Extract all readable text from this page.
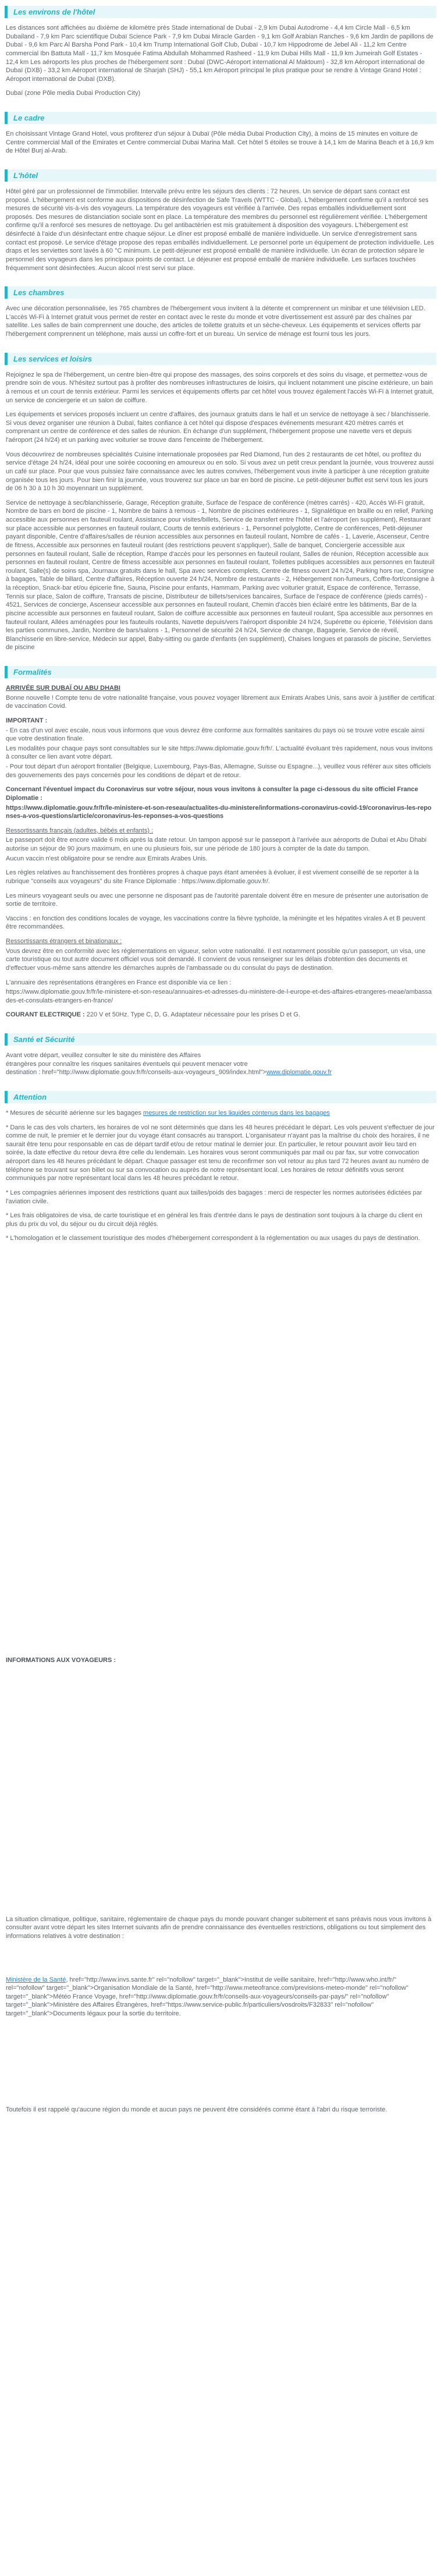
Les environs de l'hôtel

Les distances sont affichées au dixième de kilomètre près Stade international de Dubaï - 2,9 km Dubai Autodrome - 4,4 km Circle Mall - 6,5 km Dubailand - 7,9 km Parc scientifique Dubaï Science Park - 7,9 km Dubai Miracle Garden - 9,1 km Golf Arabian Ranches - 9,6 km Jardin de papillons de Dubaï - 9,6 km Parc Al Barsha Pond Park - 10,4 km Trump International Golf Club, Dubaï - 10,7 km Hippodrome de Jebel Ali - 11,2 km Centre commercial Ibn Battuta Mall - 11,7 km Mosquée Fatima Abdullah Mohammed Rasheed - 11,9 km Dubai Hills Mall - 11,9 km Jumeirah Golf Estates - 12,4 km Les aéroports les plus proches de l'hébergement sont : Dubaï (DWC-Aéroport international Al Maktoum) - 32,8 km Aéroport international de Dubaï (DXB) - 33,2 km Aéroport international de Sharjah (SHJ) - 55,1 km Aéroport principal le plus pratique pour se rendre à Vintage Grand Hotel : Aéroport international de Dubaï (DXB).

Dubaï (zone Pôle media Dubai Production City)

Le cadre

En choisissant Vintage Grand Hotel, vous profiterez d'un séjour à Dubaï (Pôle média Dubai Production City), à moins de 15 minutes en voiture de Centre commercial Mall of the Emirates et Centre commercial Dubai Marina Mall. Cet hôtel 5 étoiles se trouve à 14,1 km de Marina Beach et à 16,9 km de Hôtel Burj al-Arab.

L'hôtel

Hôtel géré par un professionnel de l'immobilier. Intervalle prévu entre les séjours des clients : 72 heures. Un service de départ sans contact est proposé. L'hébergement est conforme aux dispositions de désinfection de Safe Travels (WTTC - Global). L'hébergement confirme qu'il a renforcé ses mesures de sécurité vis-à-vis des voyageurs. La température des voyageurs est vérifiée à l'arrivée. Des repas emballés individuellement sont proposés. Des mesures de distanciation sociale sont en place. La température des membres du personnel est régulièrement vérifiée. L'hébergement confirme qu'il a renforcé ses mesures de nettoyage. Du gel antibactérien est mis gratuitement à disposition des voyageurs. L'hébergement est désinfecté à l'aide d'un désinfectant entre chaque séjour. Le dîner est proposé emballé de manière individuelle. Un service d'enregistrement sans contact est proposé. Le service d'étage propose des repas emballés individuellement. Le personnel porte un équipement de protection individuelle. Les draps et les serviettes sont lavés à 60 °C minimum. Le petit-déjeuner est proposé emballé de manière individuelle. Un écran de protection sépare le personnel des voyageurs dans les principaux points de contact. Le déjeuner est proposé emballé de manière individuelle. Les surfaces touchées fréquemment sont désinfectées. Aucun alcool n'est servi sur place.

Les chambres

Avec une décoration personnalisée, les 765 chambres de l'hébergement vous invitent à la détente et comprennent un minibar et une télévision LED. L'accès Wi-Fi à Internet gratuit vous permet de rester en contact avec le reste du monde et votre divertissement est assuré par des chaînes par satellite. Les salles de bain comprennent une douche, des articles de toilette gratuits et un sèche-cheveux. Les équipements et services offerts par l'hébergement comprennent un téléphone, mais aussi un coffre-fort et un bureau. Un service de ménage est fourni tous les jours.

Les services et loisirs

Rejoignez le spa de l'hébergement, un centre bien-être qui propose des massages, des soins corporels et des soins du visage, et permettez-vous de prendre soin de vous. N'hésitez surtout pas à profiter des nombreuses infrastructures de loisirs, qui incluent notamment une piscine extérieure, un bain à remous et un court de tennis extérieur. Parmi les services et équipements offerts par cet hôtel vous trouvez également l'accès Wi-Fi à Internet gratuit, un service de conciergerie et un salon de coiffure.

Les équipements et services proposés incluent un centre d'affaires, des journaux gratuits dans le hall et un service de nettoyage à sec / blanchisserie. Si vous devez organiser une réunion à Dubaï, faites confiance à cet hôtel qui dispose d'espaces événements mesurant 420 mètres carrés et comprenant un centre de conférence et des salles de réunion. En échange d'un supplément, l'hébergement propose une navette vers et depuis l'aéroport (24 h/24) et un parking avec voiturier se trouve dans l'enceinte de l'hébergement.

Vous découvrirez de nombreuses spécialités Cuisine internationale proposées par Red Diamond, l'un des 2 restaurants de cet hôtel, ou profitez du service d'étage 24 h/24, idéal pour une soirée cocooning en amoureux ou en solo. Si vous avez un petit creux pendant la journée, vous trouverez aussi un café sur place. Pour que vous puissiez faire connaissance avec les autres convives, l'hébergement vous invite à participer à une réception gratuite organisée tous les jours. Pour bien finir la journée, vous trouverez sur place un bar en bord de piscine. Le petit-déjeuner buffet est servi tous les jours de 06 h 30 à 10 h 30 moyennant un supplément.

Service de nettoyage à sec/blanchisserie, Garage, Réception gratuite, Surface de l'espace de conférence (mètres carrés) - 420, Accès Wi-Fi gratuit, Nombre de bars en bord de piscine - 1, Nombre de bains à remous - 1, Nombre de piscines extérieures - 1, Signalétique en braille ou en relief, Parking accessible aux personnes en fauteuil roulant, Assistance pour visites/billets, Service de transfert entre l'hôtel et l'aéroport (en supplément), Restaurant sur place accessible aux personnes en fauteuil roulant, Courts de tennis extérieurs - 1, Personnel polyglotte, Centre de conférences, Petit-déjeuner payant disponible, Centre d'affaires/salles de réunion accessibles aux personnes en fauteuil roulant, Nombre de cafés - 1, Laverie, Ascenseur, Centre de fitness, Accessible aux personnes en fauteuil roulant (des restrictions peuvent s'appliquer), Salle de banquet, Conciergerie accessible aux personnes en fauteuil roulant, Salle de réception, Rampe d'accès pour les personnes en fauteuil roulant, Salles de réunion, Réception accessible aux personnes en fauteuil roulant, Centre de fitness accessible aux personnes en fauteuil roulant, Toilettes publiques accessibles aux personnes en fauteuil roulant, Salle(s) de soins spa, Journaux gratuits dans le hall, Spa avec services complets, Centre de fitness ouvert 24 h/24, Parking hors rue, Consigne à bagages, Table de billard, Centre d'affaires, Réception ouverte 24 h/24, Nombre de restaurants - 2, Hébergement non-fumeurs, Coffre-fort/consigne à la réception, Snack-bar et/ou épicerie fine, Sauna, Piscine pour enfants, Hammam, Parking avec voiturier gratuit, Espace de conférence, Terrasse, Tennis sur place, Salon de coiffure, Transats de piscine, Distributeur de billets/services bancaires, Surface de l'espace de conférence (pieds carrés) - 4521, Services de concierge, Ascenseur accessible aux personnes en fauteuil roulant, Chemin d'accès bien éclairé entre les bâtiments, Bar de la piscine accessible aux personnes en fauteuil roulant, Salon de coiffure accessible aux personnes en fauteuil roulant, Spa accessible aux personnes en fauteuil roulant, Allées aménagées pour les fauteuils roulants, Navette depuis/vers l'aéroport disponible 24 h/24, Supérette ou épicerie, Télévision dans les parties communes, Jardin, Nombre de bars/salons - 1, Personnel de sécurité 24 h/24, Service de change, Bagagerie, Service de réveil, Blanchisserie en libre-service, Médecin sur appel, Baby-sitting ou garde d'enfants (en supplément), Chaises longues et parasols de piscine, Serviettes de piscine

Formalités

ARRIVÉE SUR DUBAÏ OU ABU DHABI

Bonne nouvelle ! Compte tenu de votre nationalité française, vous pouvez voyager librement aux Emirats Arabes Unis, sans avoir à justifier de certificat de vaccination Covid.

IMPORTANT :

- En cas d'un vol avec escale, nous vous informons que vous devrez être conforme aux formalités sanitaires du pays où se trouve votre escale ainsi que votre destination finale.

Les modalités pour chaque pays sont consultables sur le site https://www.diplomatie.gouv.fr/fr/. L'actualité évoluant très rapidement, nous vous invitons à consulter ce lien avant votre départ.

- Pour tout départ d'un aéroport frontalier (Belgique, Luxembourg, Pays-Bas, Allemagne, Suisse ou Espagne...), veuillez vous référer aux sites officiels des gouvernements des pays concernés pour les conditions de départ et de retour.

Concernant l'éventuel impact du Coronavirus sur votre séjour, nous vous invitons à consulter la page ci-dessous du site officiel France Diplomatie :

https://www.diplomatie.gouv.fr/fr/le-ministere-et-son-reseau/actualites-du-ministere/informations-coronavirus-covid-19/coronavirus-les-reponses-a-vos-questions/article/coronavirus-les-reponses-a-vos-questions

Ressortissants français (adultes, bébés et enfants) :

Le passeport doit être encore valide 6 mois après la date retour. Un tampon apposé sur le passeport à l'arrivée aux aéroports de Dubaï et Abu Dhabi autorise un séjour de 90 jours maximum, en une ou plusieurs fois, sur une période de 180 jours à compter de la date du tampon.

Aucun vaccin n'est obligatoire pour se rendre aux Emirats Arabes Unis.

Les règles relatives au franchissement des frontières propres à chaque pays étant amenées à évoluer, il est vivement conseillé de se reporter à la rubrique "conseils aux voyageurs" du site France Diplomatie : https://www.diplomatie.gouv.fr/.

Les mineurs voyageant seuls ou avec une personne ne disposant pas de l'autorité parentale doivent être en mesure de présenter une autorisation de sortie de territoire.

Vaccins : en fonction des conditions locales de voyage, les vaccinations contre la fièvre typhoïde, la méningite et les hépatites virales A et B peuvent être recommandées.

Ressortissants étrangers et binationaux :

Vous devrez être en conformité avec les réglementations en vigueur, selon votre nationalité. Il est notamment possible qu'un passeport, un visa, une carte touristique ou tout autre document officiel vous soit demandé. Il convient de vous renseigner sur les délais d'obtention des documents et d'effectuer vous-même sans attendre les démarches auprès de l'ambassade ou du consulat du pays de destination.

L'annuaire des représentations étrangères en France est disponible via ce lien :

https://www.diplomatie.gouv.fr/fr/le-ministere-et-son-reseau/annuaires-et-adresses-du-ministere-de-l-europe-et-des-affaires-etrangeres-meae/ambassades-et-consulats-etrangers-en-france/

COURANT ELECTRIQUE : 220 V et 50Hz. Type C, D, G. Adaptateur nécessaire pour les prises D et G.

Santé et Sécurité

Avant votre départ, veuillez consulter le site du ministère des Affaires
étrangères pour connaître les risques sanitaires éventuels qui peuvent menacer votre
destination : href="http://www.diplomatie.gouv.fr/fr/conseils-aux-voyageurs_909/index.html">www.diplomatie.gouv.fr

Attention

* Mesures de sécurité aérienne sur les bagages mesures de restriction sur les liquides contenus dans les bagages

* Dans le cas des vols charters, les horaires de vol ne sont déterminés que dans les 48 heures précédant le départ. Les vols peuvent s'effectuer de jour comme de nuit, le premier et le dernier jour du voyage étant consacrés au transport. L'organisateur n'ayant pas la maîtrise du choix des horaires, il ne saurait être tenu pour responsable en cas de départ tardif et/ou de retour matinal le dernier jour. En particulier, le retour pouvant avoir lieu tard en soirée, la date effective du retour devra être celle du lendemain. Les horaires vous seront communiqués par mail ou par fax, sur votre convocation aéroport dans les 48 heures précédant le départ. Chaque passager est tenu de reconfirmer son vol retour au plus tard 72 heures avant au numéro de téléphone se trouvant sur son billet ou sur sa convocation ou auprès de notre représentant local. Les horaires de retour définitifs vous seront communiqués par notre représentant local dans les 48 heures précédant le retour.

* Les compagnies aériennes imposent des restrictions quant aux tailles/poids des bagages : merci de respecter les normes autorisées édictées par l'aviation civile.

* Les frais obligatoires de visa, de carte touristique et en général les frais d'entrée dans le pays de destination sont toujours à la charge du client en plus du prix du vol, du séjour ou du circuit déjà réglés.

* L'homologation et le classement touristique des modes d'hébergement correspondent à la réglementation ou aux usages du pays de destination.

INFORMATIONS AUX VOYAGEURS :

La situation climatique, politique, sanitaire, réglementaire de chaque pays du monde pouvant changer subitement et sans préavis nous vous invitons à consulter avant votre départ les sites Internet suivants afin de prendre connaissance des éventuelles restrictions, obligations ou tout simplement des informations relatives à votre destination :

Ministère de la Santé, href="http://www.invs.sante.fr" rel="nofollow" target="_blank">Institut de veille sanitaire, href="http://www.who.int/fr/" rel="nofollow" target="_blank">Organisation Mondiale de la Santé, href="http://www.meteofrance.com/previsions-meteo-monde" rel="nofollow" target="_blank">Météo France Voyage, href="http://www.diplomatie.gouv.fr/fr/conseils-aux-voyageurs/conseils-par-pays/" rel="nofollow" target="_blank">Ministère des Affaires Étrangères, href="https://www.service-public.fr/particuliers/vosdroits/F32833" rel="nofollow" target="_blank">Documents légaux pour la sortie du territoire.

Toutefois il est rappelé qu'aucune région du monde et aucun pays ne peuvent être considérés comme étant à l'abri du risque terroriste.
